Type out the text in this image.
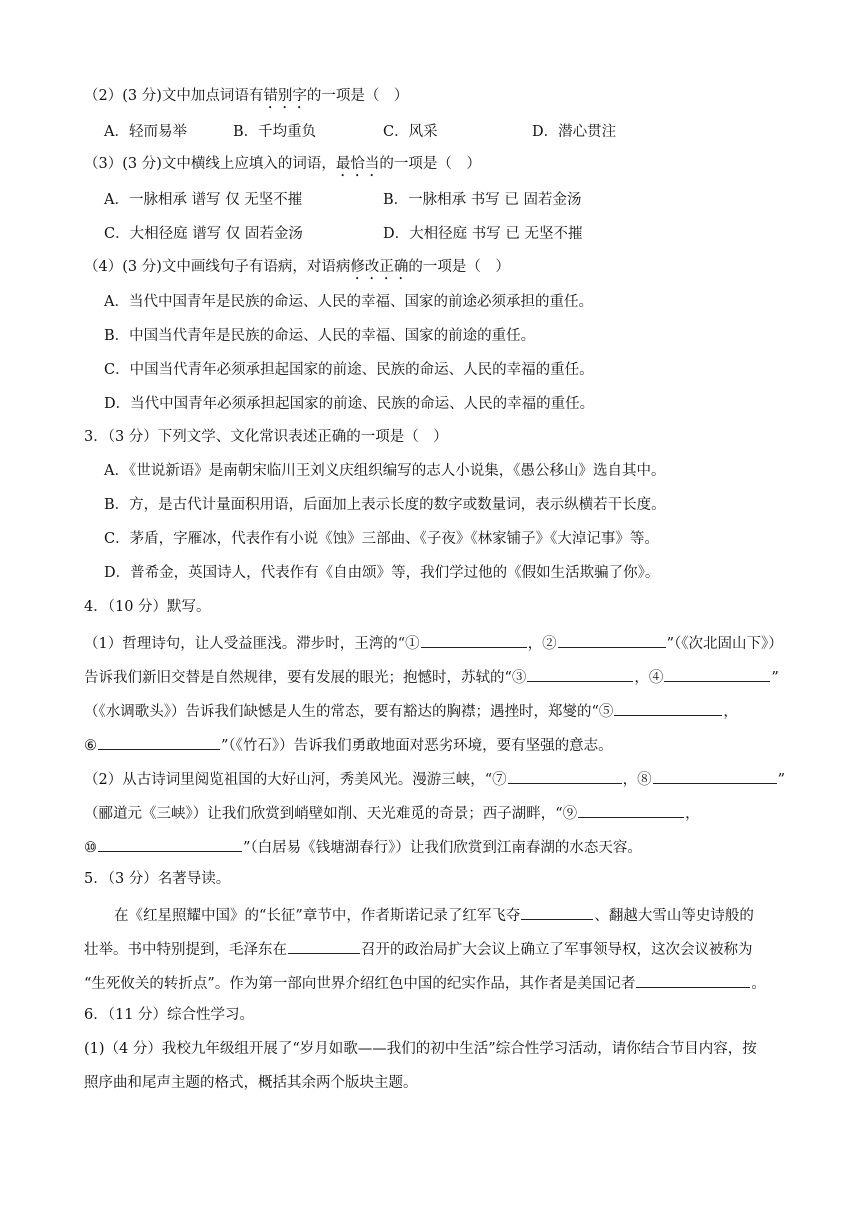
（2）(3 分)文中加点词语有错别字的一项是（　）
A．轻而易举	B．千均重负	C．风采	D．潜心贯注
（3）(3 分)文中横线上应填入的词语，最恰当的一项是（　）
A．一脉相承 谱写 仅 无坚不摧	B．一脉相承 书写 已 固若金汤
C．大相径庭 谱写 仅 固若金汤	D．大相径庭 书写 已 无坚不摧
（4）(3 分)文中画线句子有语病，对语病修改正确的一项是（　）
A．当代中国青年是民族的命运、人民的幸福、国家的前途必须承担的重任。
B．中国当代青年是民族的命运、人民的幸福、国家的前途的重任。
C．中国当代青年必须承担起国家的前途、民族的命运、人民的幸福的重任。
D．当代中国青年必须承担起国家的前途、民族的命运、人民的幸福的重任。
3．（3 分）下列文学、文化常识表述正确的一项是（　）
A．《世说新语》是南朝宋临川王刘义庆组织编写的志人小说集，《愚公移山》选自其中。
B．方，是古代计量面积用语，后面加上表示长度的数字或数量词，表示纵横若干长度。
C．茅盾，字雁冰，代表作有小说《蚀》三部曲、《子夜》《林家铺子》《大淖记事》等。
D．普希金，英国诗人，代表作有《自由颂》等，我们学过他的《假如生活欺骗了你》。
4．（10 分）默写。
（1）哲理诗句，让人受益匪浅。滞步时，王湾的“①	，②	”（《次北固山下》）
告诉我们新旧交替是自然规律，要有发展的眼光；抱憾时，苏轼的“③	，④	”
（《水调歌头》）告诉我们缺憾是人生的常态，要有豁达的胸襟；遇挫时，郑燮的“⑤	，
⑥	”（《竹石》）告诉我们勇敢地面对恶劣环境，要有坚强的意志。
（2）从古诗词里阅览祖国的大好山河，秀美风光。漫游三峡，“⑦	，⑧	”
（郦道元《三峡》）让我们欣赏到峭壁如削、天光难觅的奇景；西子湖畔，“⑨	，
⑩	”（白居易《钱塘湖春行》）让我们欣赏到江南春湖的水态天容。
5．（3 分）名著导读。
在《红星照耀中国》的“长征”章节中，作者斯诺记录了红军飞夺	、翻越大雪山等史诗般的
壮举。书中特别提到，毛泽东在	召开的政治局扩大会议上确立了军事领导权，这次会议被称为
“生死攸关的转折点”。作为第一部向世界介绍红色中国的纪实作品，其作者是美国记者	。
6．（11 分）综合性学习。
(1)（4 分）我校九年级组开展了“岁月如歌——我们的初中生活”综合性学习活动，请你结合节目内容，按
照序曲和尾声主题的格式，概括其余两个版块主题。
